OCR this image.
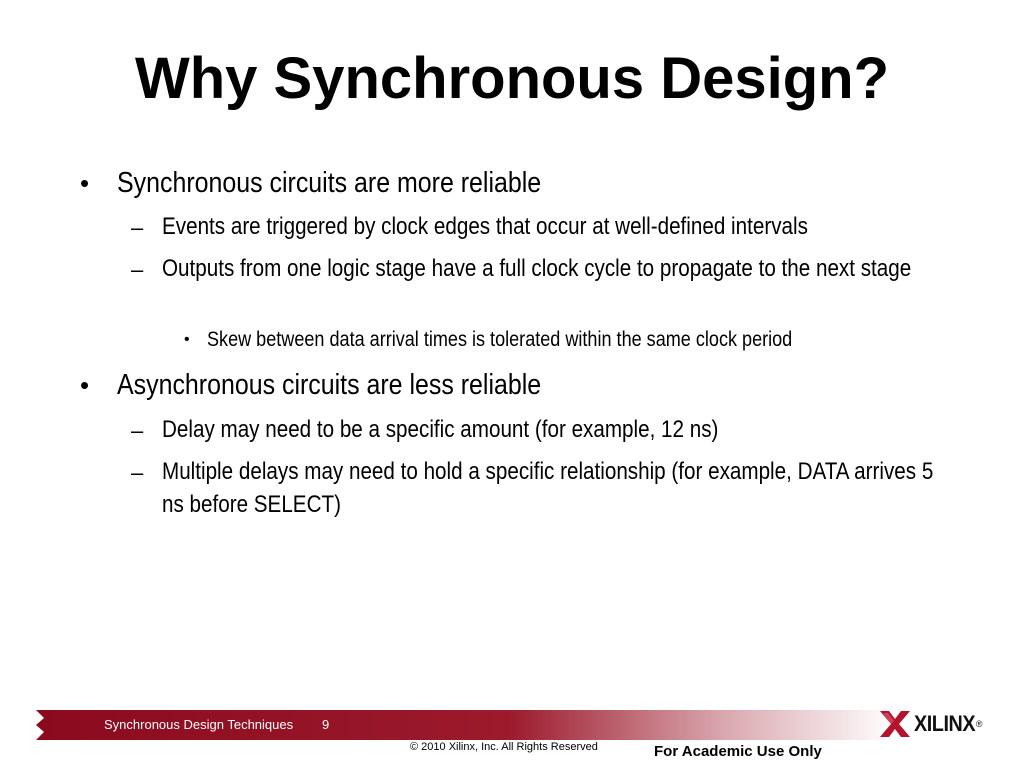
Why Synchronous Design?
• Synchronous circuits are more reliable
– Events are triggered by clock edges that occur at well-defined intervals
– Outputs from one logic stage have a full clock cycle to propagate to the next stage
• Skew between data arrival times is tolerated within the same clock period
• Asynchronous circuits are less reliable
– Delay may need to be a specific amount (for example, 12 ns)
– Multiple delays may need to hold a specific relationship (for example, DATA arrives 5 ns before SELECT)
Synchronous Design Techniques 9
© 2010 Xilinx, Inc. All Rights Reserved	For Academic Use Only
XILINX ®
